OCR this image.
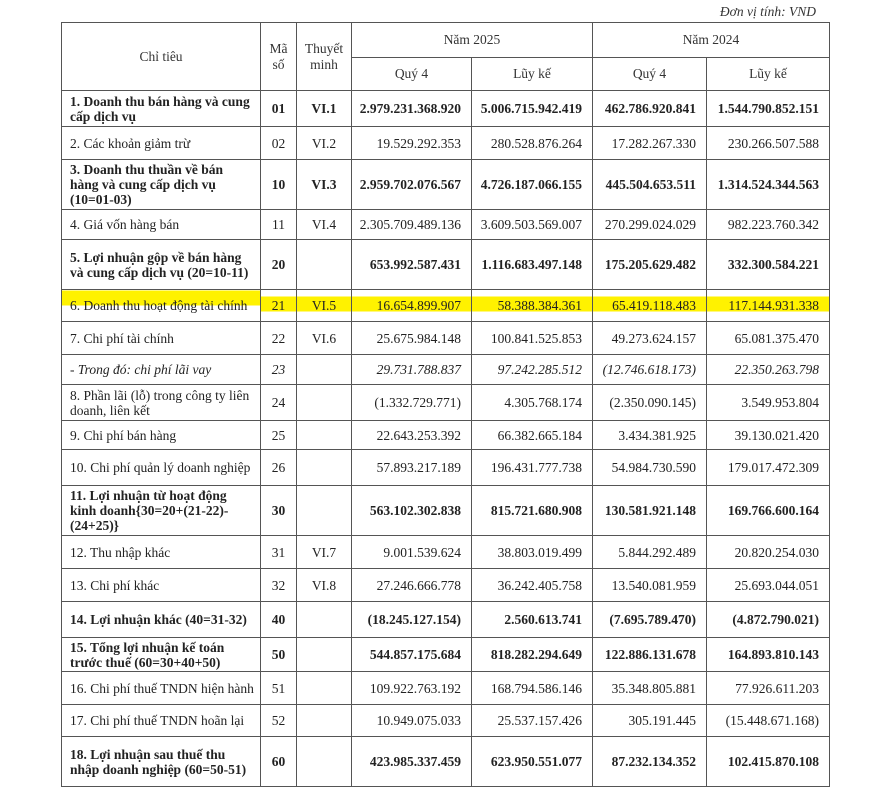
Đơn vị tính: VND
Chỉ tiêu	Mã số	Thuyết minh	Năm 2025		Năm 2024	
			Quý 4	Lũy kế	Quý 4	Lũy kế
1. Doanh thu bán hàng và cung cấp dịch vụ	01	VI.1	2.979.231.368.920	5.006.715.942.419	462.786.920.841	1.544.790.852.151
2. Các khoản giảm trừ	02	VI.2	19.529.292.353	280.528.876.264	17.282.267.330	230.266.507.588
3. Doanh thu thuần về bán hàng và cung cấp dịch vụ (10=01-03)	10	VI.3	2.959.702.076.567	4.726.187.066.155	445.504.653.511	1.314.524.344.563
4. Giá vốn hàng bán	11	VI.4	2.305.709.489.136	3.609.503.569.007	270.299.024.029	982.223.760.342
5. Lợi nhuận gộp về bán hàng và cung cấp dịch vụ (20=10-11)	20		653.992.587.431	1.116.683.497.148	175.205.629.482	332.300.584.221
6. Doanh thu hoạt động tài chính	21	VI.5	16.654.899.907	58.388.384.361	65.419.118.483	117.144.931.338
7. Chi phí tài chính	22	VI.6	25.675.984.148	100.841.525.853	49.273.624.157	65.081.375.470
- Trong đó: chi phí lãi vay	23		29.731.788.837	97.242.285.512	(12.746.618.173)	22.350.263.798
8. Phần lãi (lỗ) trong công ty liên doanh, liên kết	24		(1.332.729.771)	4.305.768.174	(2.350.090.145)	3.549.953.804
9. Chi phí bán hàng	25		22.643.253.392	66.382.665.184	3.434.381.925	39.130.021.420
10. Chi phí quản lý doanh nghiệp	26		57.893.217.189	196.431.777.738	54.984.730.590	179.017.472.309
11. Lợi nhuận từ hoạt động kinh doanh{30=20+(21-22)-(24+25)}	30		563.102.302.838	815.721.680.908	130.581.921.148	169.766.600.164
12. Thu nhập khác	31	VI.7	9.001.539.624	38.803.019.499	5.844.292.489	20.820.254.030
13. Chi phí khác	32	VI.8	27.246.666.778	36.242.405.758	13.540.081.959	25.693.044.051
14. Lợi nhuận khác (40=31-32)	40		(18.245.127.154)	2.560.613.741	(7.695.789.470)	(4.872.790.021)
15. Tổng lợi nhuận kế toán trước thuế (60=30+40+50)	50		544.857.175.684	818.282.294.649	122.886.131.678	164.893.810.143
16. Chi phí thuế TNDN hiện hành	51		109.922.763.192	168.794.586.146	35.348.805.881	77.926.611.203
17. Chi phí thuế TNDN hoãn lại	52		10.949.075.033	25.537.157.426	305.191.445	(15.448.671.168)
18. Lợi nhuận sau thuế thu nhập doanh nghiệp (60=50-51)	60		423.985.337.459	623.950.551.077	87.232.134.352	102.415.870.108
